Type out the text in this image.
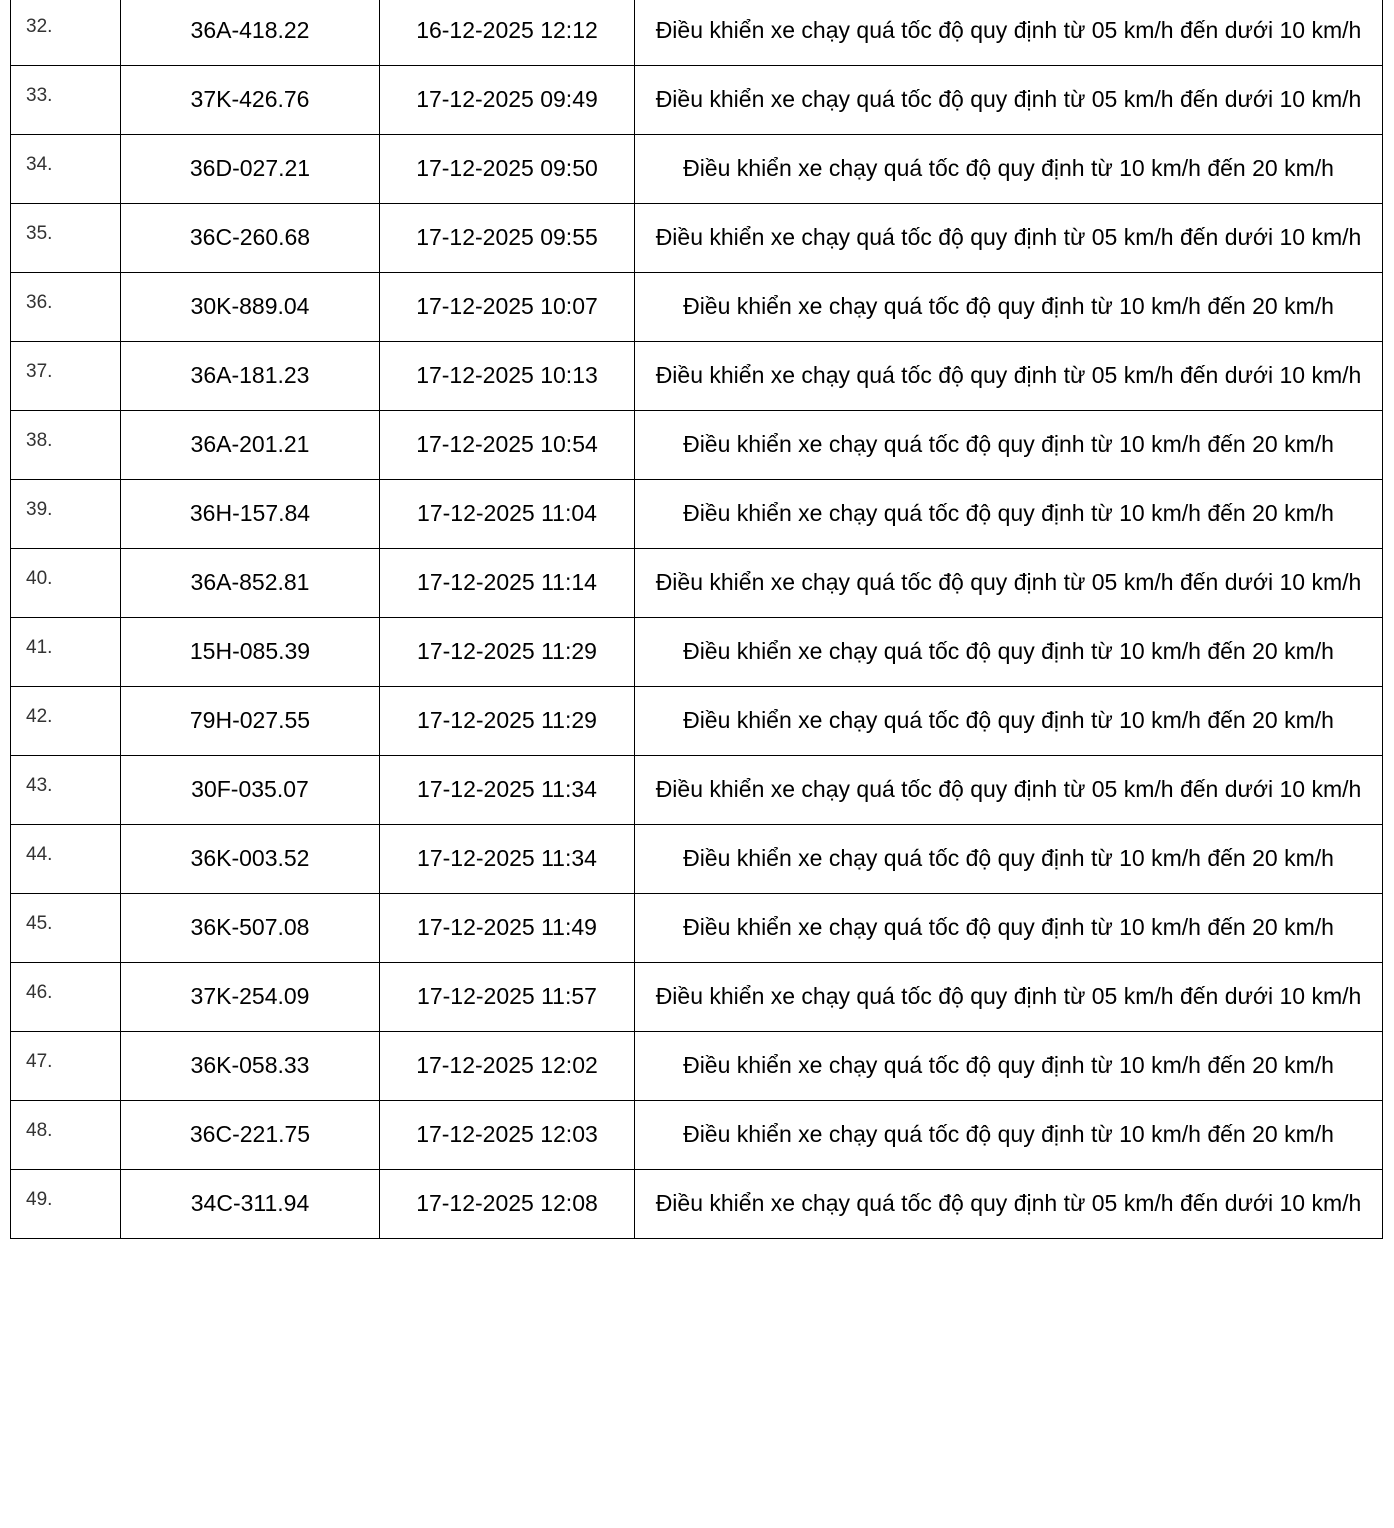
32.	36A-418.22	16-12-2025 12:12	Điều khiển xe chạy quá tốc độ quy định từ 05 km/h đến dưới 10 km/h
33.	37K-426.76	17-12-2025 09:49	Điều khiển xe chạy quá tốc độ quy định từ 05 km/h đến dưới 10 km/h
34.	36D-027.21	17-12-2025 09:50	Điều khiển xe chạy quá tốc độ quy định từ 10 km/h đến 20 km/h
35.	36C-260.68	17-12-2025 09:55	Điều khiển xe chạy quá tốc độ quy định từ 05 km/h đến dưới 10 km/h
36.	30K-889.04	17-12-2025 10:07	Điều khiển xe chạy quá tốc độ quy định từ 10 km/h đến 20 km/h
37.	36A-181.23	17-12-2025 10:13	Điều khiển xe chạy quá tốc độ quy định từ 05 km/h đến dưới 10 km/h
38.	36A-201.21	17-12-2025 10:54	Điều khiển xe chạy quá tốc độ quy định từ 10 km/h đến 20 km/h
39.	36H-157.84	17-12-2025 11:04	Điều khiển xe chạy quá tốc độ quy định từ 10 km/h đến 20 km/h
40.	36A-852.81	17-12-2025 11:14	Điều khiển xe chạy quá tốc độ quy định từ 05 km/h đến dưới 10 km/h
41.	15H-085.39	17-12-2025 11:29	Điều khiển xe chạy quá tốc độ quy định từ 10 km/h đến 20 km/h
42.	79H-027.55	17-12-2025 11:29	Điều khiển xe chạy quá tốc độ quy định từ 10 km/h đến 20 km/h
43.	30F-035.07	17-12-2025 11:34	Điều khiển xe chạy quá tốc độ quy định từ 05 km/h đến dưới 10 km/h
44.	36K-003.52	17-12-2025 11:34	Điều khiển xe chạy quá tốc độ quy định từ 10 km/h đến 20 km/h
45.	36K-507.08	17-12-2025 11:49	Điều khiển xe chạy quá tốc độ quy định từ 10 km/h đến 20 km/h
46.	37K-254.09	17-12-2025 11:57	Điều khiển xe chạy quá tốc độ quy định từ 05 km/h đến dưới 10 km/h
47.	36K-058.33	17-12-2025 12:02	Điều khiển xe chạy quá tốc độ quy định từ 10 km/h đến 20 km/h
48.	36C-221.75	17-12-2025 12:03	Điều khiển xe chạy quá tốc độ quy định từ 10 km/h đến 20 km/h
49.	34C-311.94	17-12-2025 12:08	Điều khiển xe chạy quá tốc độ quy định từ 05 km/h đến dưới 10 km/h
